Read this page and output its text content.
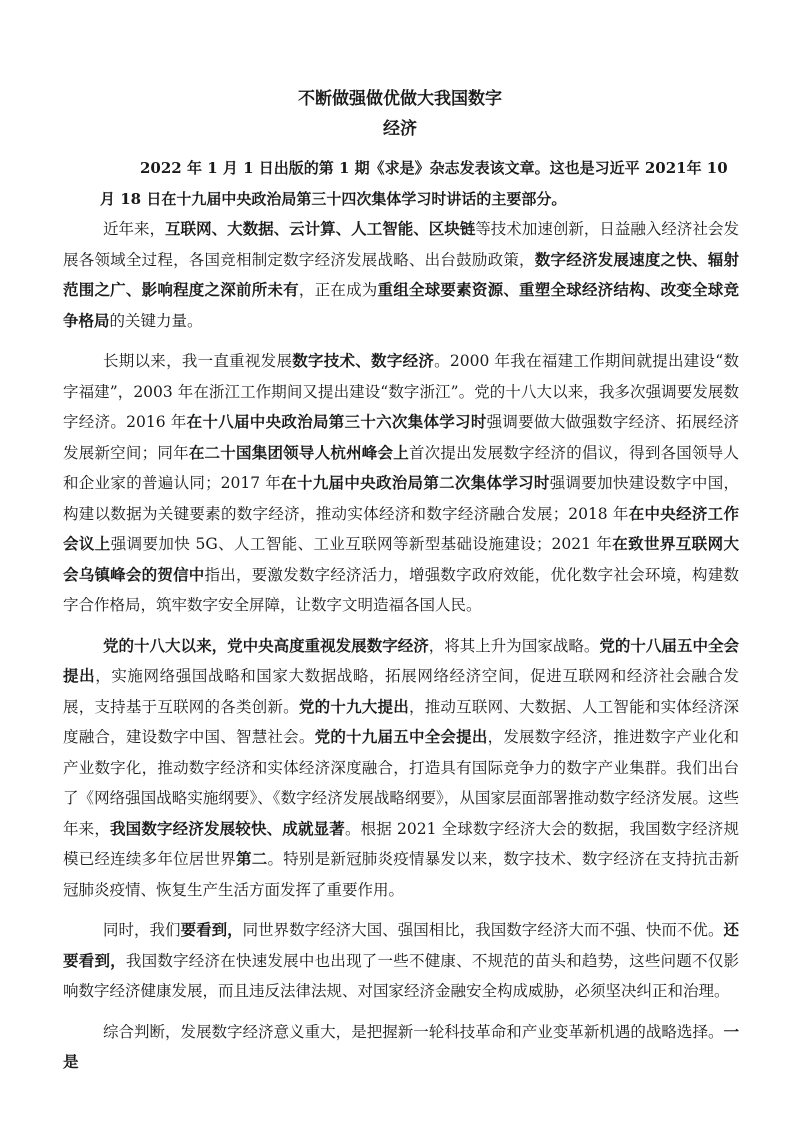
不断做强做优做大我国数字
经济

2022 年 1 月 1 日出版的第 1 期《求是》杂志发表该文章。这也是习近平 2021年 10 月 18 日在十九届中央政治局第三十四次集体学习时讲话的主要部分。

近年来，互联网、大数据、云计算、人工智能、区块链等技术加速创新，日益融入经济社会发展各领域全过程，各国竞相制定数字经济发展战略、出台鼓励政策，数字经济发展速度之快、辐射范围之广、影响程度之深前所未有，正在成为重组全球要素资源、重塑全球经济结构、改变全球竞争格局的关键力量。

长期以来，我一直重视发展数字技术、数字经济。2000 年我在福建工作期间就提出建设“数字福建”，2003 年在浙江工作期间又提出建设“数字浙江”。党的十八大以来，我多次强调要发展数字经济。2016 年在十八届中央政治局第三十六次集体学习时强调要做大做强数字经济、拓展经济发展新空间；同年在二十国集团领导人杭州峰会上首次提出发展数字经济的倡议，得到各国领导人和企业家的普遍认同；2017 年在十九届中央政治局第二次集体学习时强调要加快建设数字中国，构建以数据为关键要素的数字经济，推动实体经济和数字经济融合发展；2018 年在中央经济工作会议上强调要加快 5G、人工智能、工业互联网等新型基础设施建设；2021 年在致世界互联网大会乌镇峰会的贺信中指出，要激发数字经济活力，增强数字政府效能，优化数字社会环境，构建数字合作格局，筑牢数字安全屏障，让数字文明造福各国人民。

党的十八大以来，党中央高度重视发展数字经济，将其上升为国家战略。党的十八届五中全会提出，实施网络强国战略和国家大数据战略，拓展网络经济空间，促进互联网和经济社会融合发展，支持基于互联网的各类创新。党的十九大提出，推动互联网、大数据、人工智能和实体经济深度融合，建设数字中国、智慧社会。党的十九届五中全会提出，发展数字经济，推进数字产业化和产业数字化，推动数字经济和实体经济深度融合，打造具有国际竞争力的数字产业集群。我们出台了《网络强国战略实施纲要》、《数字经济发展战略纲要》，从国家层面部署推动数字经济发展。这些年来，我国数字经济发展较快、成就显著。根据 2021 全球数字经济大会的数据，我国数字经济规模已经连续多年位居世界第二。特别是新冠肺炎疫情暴发以来，数字技术、数字经济在支持抗击新冠肺炎疫情、恢复生产生活方面发挥了重要作用。

同时，我们要看到，同世界数字经济大国、强国相比，我国数字经济大而不强、快而不优。还要看到，我国数字经济在快速发展中也出现了一些不健康、不规范的苗头和趋势，这些问题不仅影响数字经济健康发展，而且违反法律法规、对国家经济金融安全构成威胁，必须坚决纠正和治理。

综合判断，发展数字经济意义重大，是把握新一轮科技革命和产业变革新机遇的战略选择。一是
